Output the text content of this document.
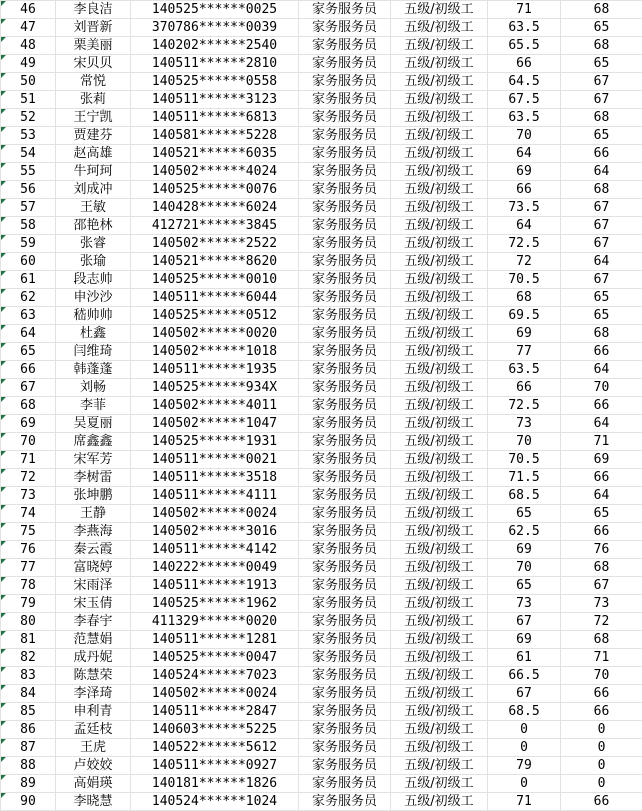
46	李良洁	140525******0025	家务服务员	五级/初级工	71	68

47	刘晋新	370786******0039	家务服务员	五级/初级工	63.5	65

48	栗美丽	140202******2540	家务服务员	五级/初级工	65.5	68

49	宋贝贝	140511******2810	家务服务员	五级/初级工	66	65

50	常悦	140525******0558	家务服务员	五级/初级工	64.5	67

51	张莉	140511******3123	家务服务员	五级/初级工	67.5	67

52	王宁凯	140511******6813	家务服务员	五级/初级工	63.5	68

53	贾建芬	140581******5228	家务服务员	五级/初级工	70	65

54	赵高雄	140521******6035	家务服务员	五级/初级工	64	66

55	牛珂珂	140502******4024	家务服务员	五级/初级工	69	64

56	刘成冲	140525******0076	家务服务员	五级/初级工	66	68

57	王敏	140428******6024	家务服务员	五级/初级工	73.5	67

58	邵艳林	412721******3845	家务服务员	五级/初级工	64	67

59	张睿	140502******2522	家务服务员	五级/初级工	72.5	67

60	张瑜	140521******8620	家务服务员	五级/初级工	72	64

61	段志帅	140525******0010	家务服务员	五级/初级工	70.5	67

62	申沙沙	140511******6044	家务服务员	五级/初级工	68	65

63	嵇帅帅	140525******0512	家务服务员	五级/初级工	69.5	65

64	杜鑫	140502******0020	家务服务员	五级/初级工	69	68

65	闫维琦	140502******1018	家务服务员	五级/初级工	77	66

66	韩蓬蓬	140511******1935	家务服务员	五级/初级工	63.5	64

67	刘畅	140525******934X	家务服务员	五级/初级工	66	70

68	李菲	140502******4011	家务服务员	五级/初级工	72.5	66

69	吴夏丽	140502******1047	家务服务员	五级/初级工	73	64

70	席鑫鑫	140525******1931	家务服务员	五级/初级工	70	71

71	宋军芳	140511******0021	家务服务员	五级/初级工	70.5	69

72	李树雷	140511******3518	家务服务员	五级/初级工	71.5	66

73	张坤鹏	140511******4111	家务服务员	五级/初级工	68.5	64

74	王静	140502******0024	家务服务员	五级/初级工	65	65

75	李燕海	140502******3016	家务服务员	五级/初级工	62.5	66

76	秦云霞	140511******4142	家务服务员	五级/初级工	69	76

77	富晓婷	140222******0049	家务服务员	五级/初级工	70	68

78	宋雨泽	140511******1913	家务服务员	五级/初级工	65	67

79	宋玉倩	140525******1962	家务服务员	五级/初级工	73	73

80	李春宇	411329******0020	家务服务员	五级/初级工	67	72

81	范慧娟	140511******1281	家务服务员	五级/初级工	69	68

82	成丹妮	140525******0047	家务服务员	五级/初级工	61	71

83	陈慧荣	140524******7023	家务服务员	五级/初级工	66.5	70

84	李泽琦	140502******0024	家务服务员	五级/初级工	67	66

85	申利青	140511******2847	家务服务员	五级/初级工	68.5	66

86	孟廷枝	140603******5225	家务服务员	五级/初级工	0	0

87	王虎	140522******5612	家务服务员	五级/初级工	0	0

88	卢姣姣	140511******0927	家务服务员	五级/初级工	79	0

89	高娟瑛	140181******1826	家务服务员	五级/初级工	0	0

90	李晓慧	140524******1024	家务服务员	五级/初级工	71	66
